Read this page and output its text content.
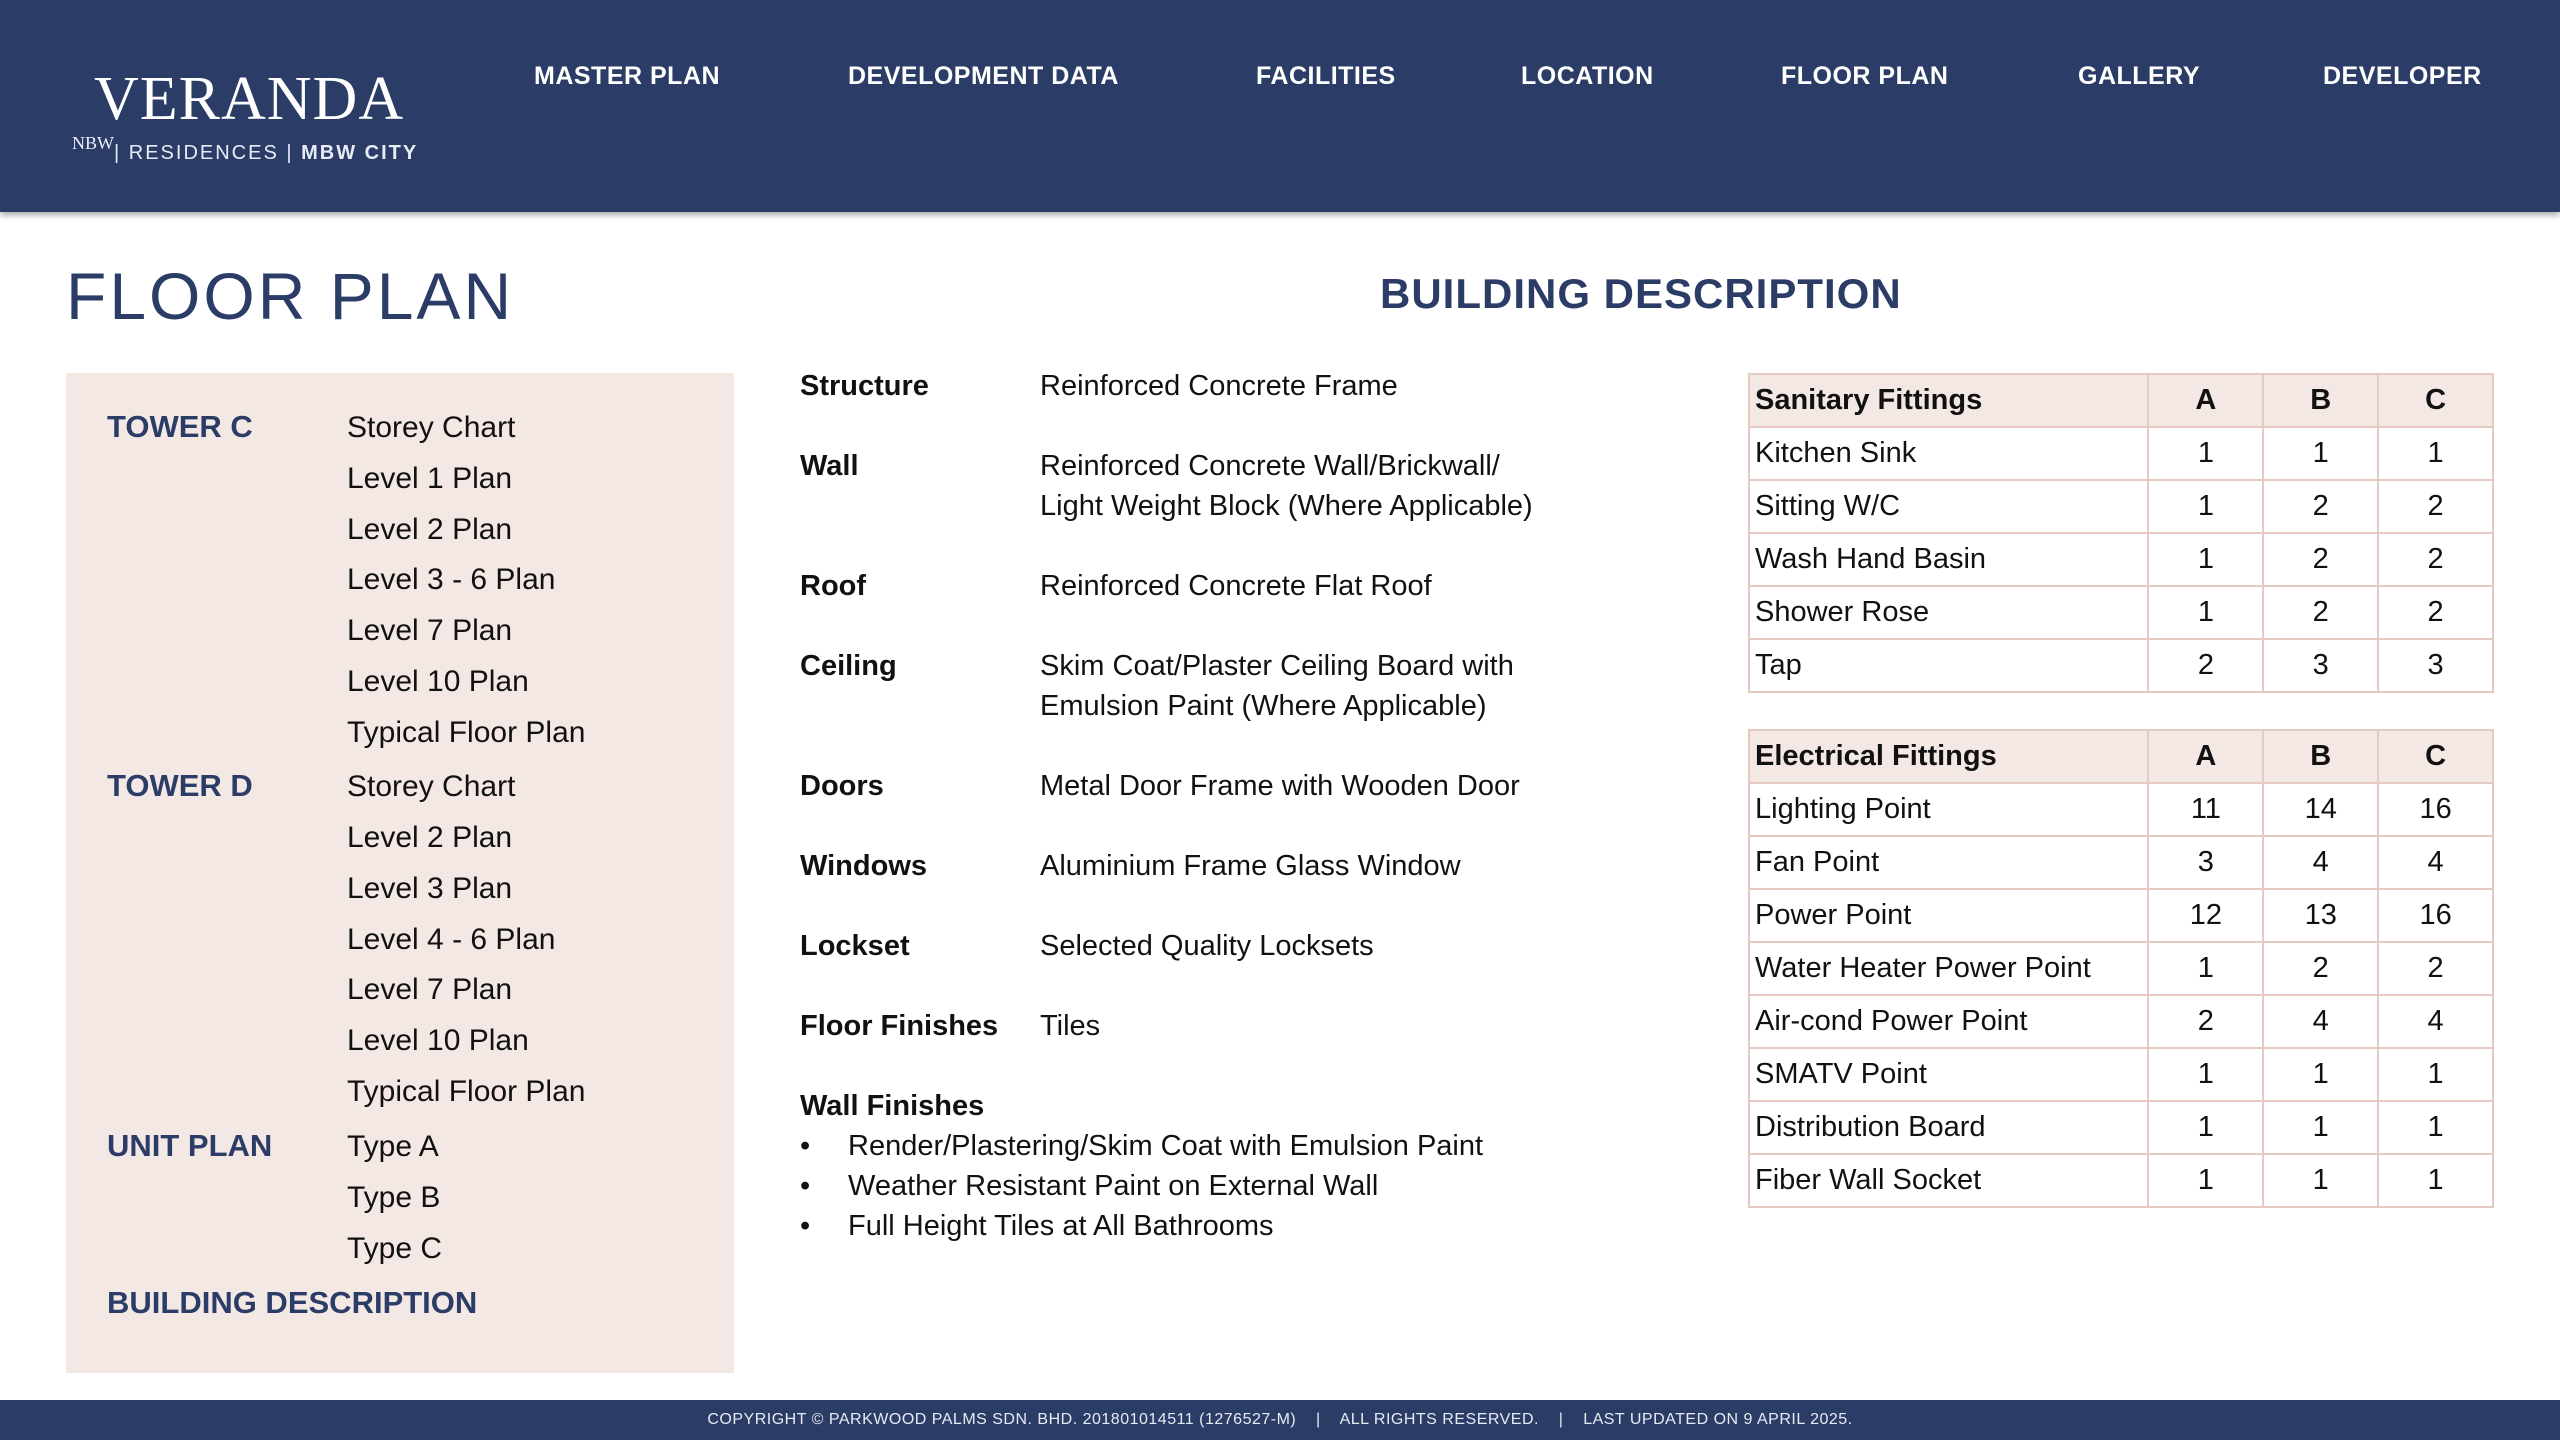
VERANDA
NBW | RESIDENCES | MBW CITY
MASTER PLAN	DEVELOPMENT DATA	FACILITIES	LOCATION	FLOOR PLAN	GALLERY	DEVELOPER
FLOOR PLAN	BUILDING DESCRIPTION
TOWER C	Storey Chart
Level 1 Plan
Level 2 Plan
Level 3 - 6 Plan
Level 7 Plan
Level 10 Plan
Typical Floor Plan
TOWER D	Storey Chart
Level 2 Plan
Level 3 Plan
Level 4 - 6 Plan
Level 7 Plan
Level 10 Plan
Typical Floor Plan
UNIT PLAN Type A
Type B
Type C
BUILDING DESCRIPTION
Structure	Reinforced Concrete Frame
Wall	Reinforced Concrete Wall/Brickwall/
Light Weight Block (Where Applicable)
Roof	Reinforced Concrete Flat Roof
Ceiling	Skim Coat/Plaster Ceiling Board with
Emulsion Paint (Where Applicable)
Doors	Metal Door Frame with Wooden Door
Windows	Aluminium Frame Glass Window
Lockset	Selected Quality Locksets
Floor Finishes Tiles
Wall Finishes
• Render/Plastering/Skim Coat with Emulsion Paint
• Weather Resistant Paint on External Wall
• Full Height Tiles at All Bathrooms
Sanitary Fittings	A	B	C
Kitchen Sink	1	1	1
Sitting W/C	1	2	2
Wash Hand Basin	1	2	2
Shower Rose	1	2	2
Tap	2	3	3
Electrical Fittings	A	B	C
Lighting Point	11	14	16
Fan Point	3	4	4
Power Point	12	13	16
Water Heater Power Point	1	2	2
Air-cond Power Point	2	4	4
SMATV Point	1	1	1
Distribution Board	1	1	1
Fiber Wall Socket	1	1	1
COPYRIGHT © PARKWOOD PALMS SDN. BHD. 201801014511 (1276527-M)    |    ALL RIGHTS RESERVED.    |    LAST UPDATED ON 9 APRIL 2025.
